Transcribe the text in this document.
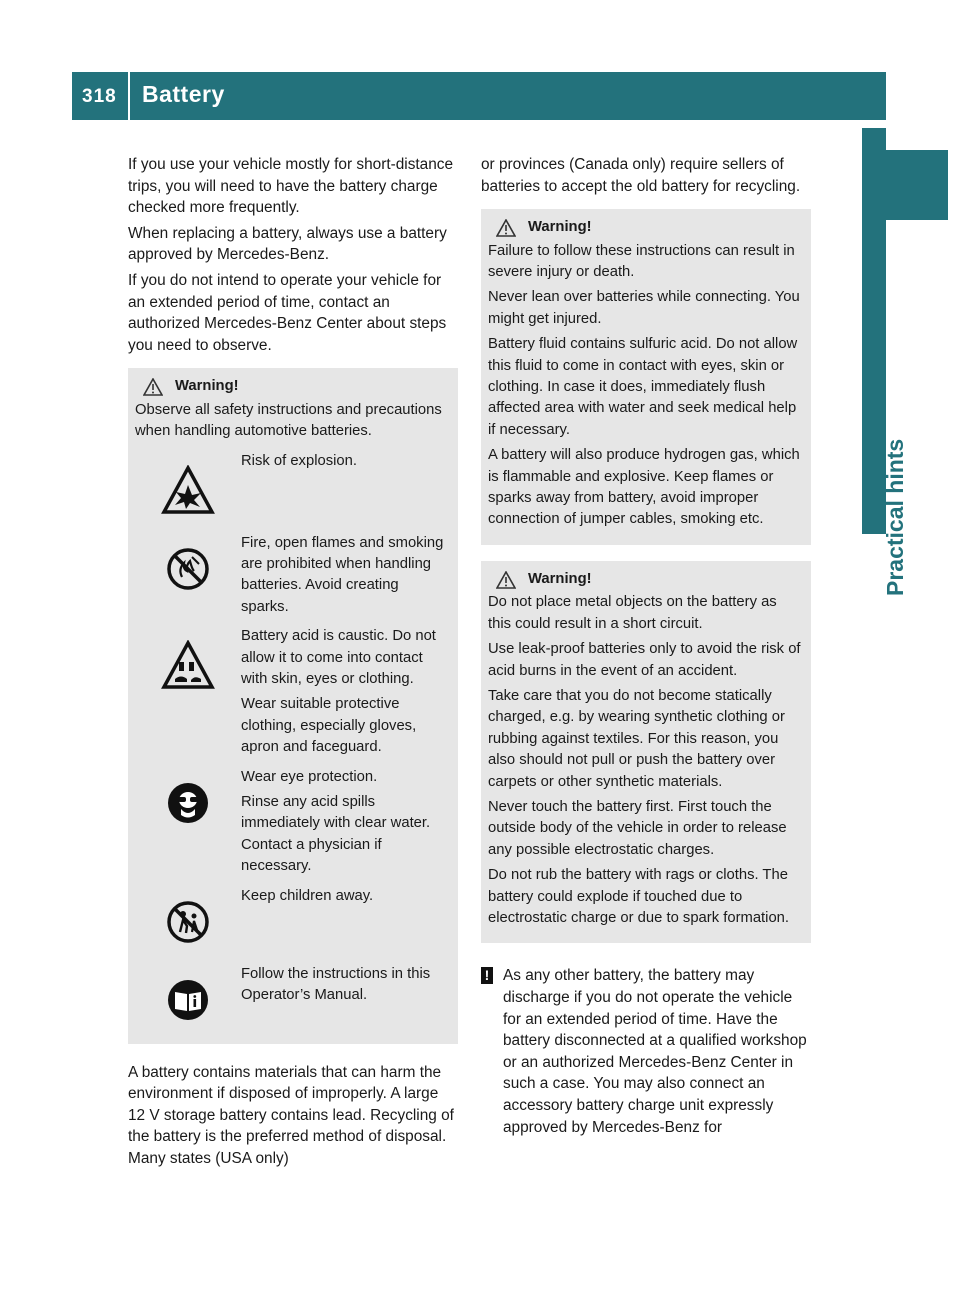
318 Battery
Practical hints

If you use your vehicle mostly for short-distance trips, you will need to have the battery charge checked more frequently.

When replacing a battery, always use a battery approved by Mercedes-Benz.

If you do not intend to operate your vehicle for an extended period of time, contact an authorized Mercedes-Benz Center about steps you need to observe.

Warning!

Observe all safety instructions and precautions when handling automotive batteries.

Risk of explosion.

Fire, open flames and smoking are prohibited when handling batteries. Avoid creating sparks.

Battery acid is caustic. Do not allow it to come into contact with skin, eyes or clothing.

Wear suitable protective clothing, especially gloves, apron and faceguard.

Wear eye protection.

Rinse any acid spills immediately with clear water. Contact a physician if necessary.

Keep children away.

Follow the instructions in this Operator’s Manual.

A battery contains materials that can harm the environment if disposed of improperly. A large 12 V storage battery contains lead. Recycling of the battery is the preferred method of disposal. Many states (USA only)

or provinces (Canada only) require sellers of batteries to accept the old battery for recycling.

Warning!

Failure to follow these instructions can result in severe injury or death.

Never lean over batteries while connecting. You might get injured.

Battery fluid contains sulfuric acid. Do not allow this fluid to come in contact with eyes, skin or clothing. In case it does, immediately flush affected area with water and seek medical help if necessary.

A battery will also produce hydrogen gas, which is flammable and explosive. Keep flames or sparks away from battery, avoid improper connection of jumper cables, smoking etc.

Warning!

Do not place metal objects on the battery as this could result in a short circuit.

Use leak-proof batteries only to avoid the risk of acid burns in the event of an accident.

Take care that you do not become statically charged, e.g. by wearing synthetic clothing or rubbing against textiles. For this reason, you also should not pull or push the battery over carpets or other synthetic materials.

Never touch the battery first. First touch the outside body of the vehicle in order to release any possible electrostatic charges.

Do not rub the battery with rags or cloths. The battery could explode if touched due to electrostatic charge or due to spark formation.

! As any other battery, the battery may discharge if you do not operate the vehicle for an extended period of time. Have the battery disconnected at a qualified workshop or an authorized Mercedes-Benz Center in such a case. You may also connect an accessory battery charge unit expressly approved by Mercedes-Benz for
